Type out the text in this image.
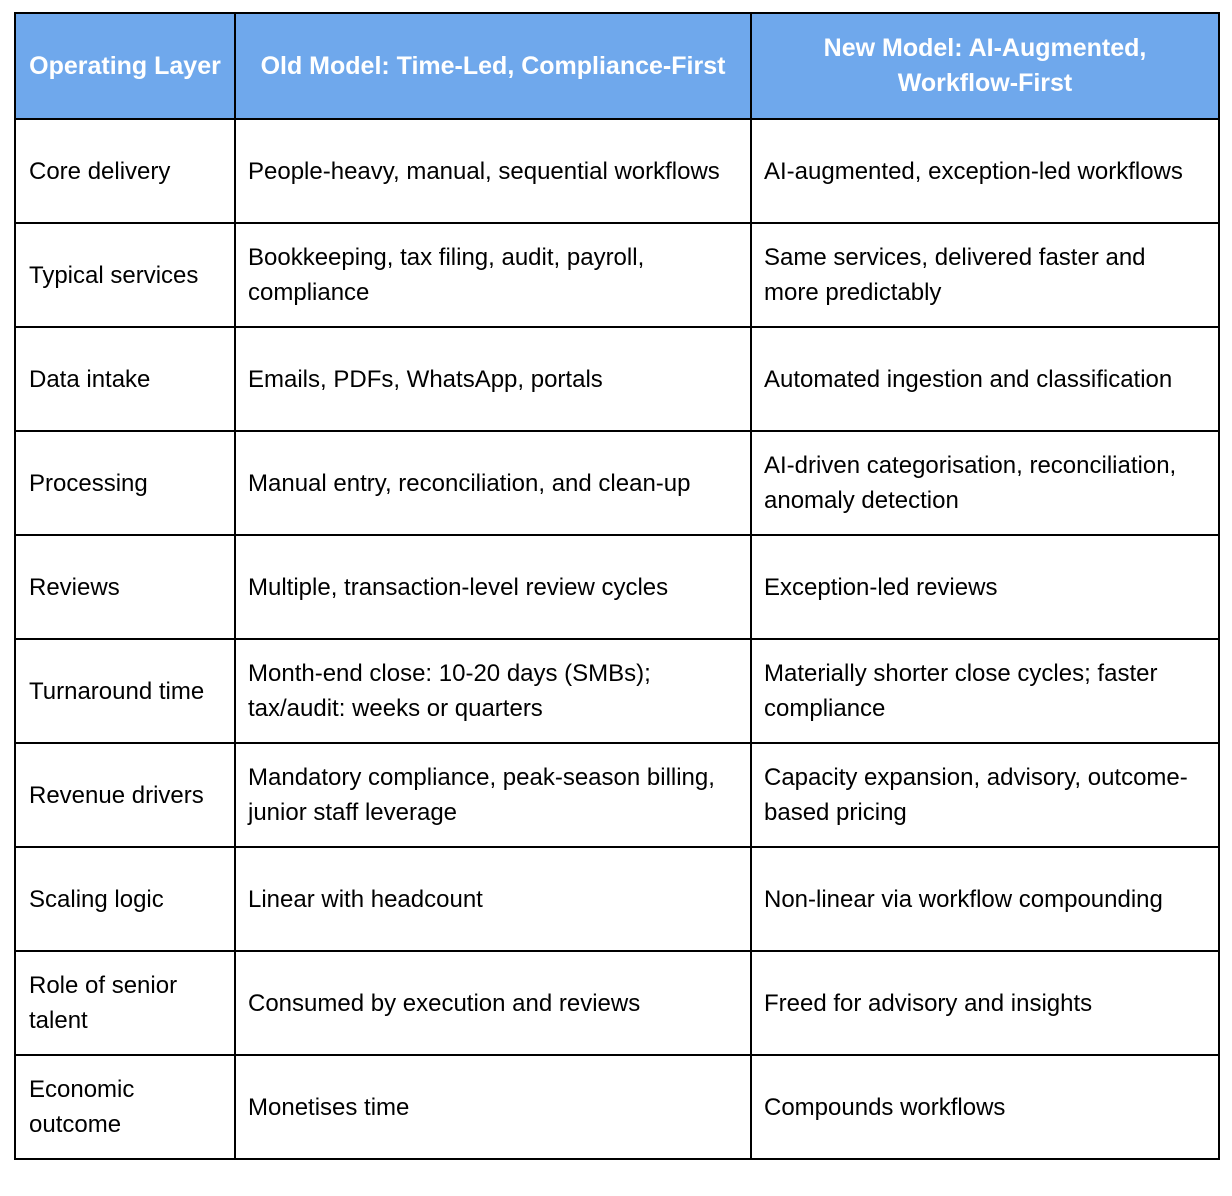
Operating Layer	Old Model: Time-Led, Compliance-First	New Model: AI-Augmented, Workflow-First
Core delivery	People-heavy, manual, sequential workflows	AI-augmented, exception-led workflows
Typical services	Bookkeeping, tax filing, audit, payroll, compliance	Same services, delivered faster and more predictably
Data intake	Emails, PDFs, WhatsApp, portals	Automated ingestion and classification
Processing	Manual entry, reconciliation, and clean-up	AI-driven categorisation, reconciliation, anomaly detection
Reviews	Multiple, transaction-level review cycles	Exception-led reviews
Turnaround time	Month-end close: 10-20 days (SMBs); tax/audit: weeks or quarters	Materially shorter close cycles; faster compliance
Revenue drivers	Mandatory compliance, peak-season billing, junior staff leverage	Capacity expansion, advisory, outcome-based pricing
Scaling logic	Linear with headcount	Non-linear via workflow compounding
Role of senior talent	Consumed by execution and reviews	Freed for advisory and insights
Economic outcome	Monetises time	Compounds workflows
